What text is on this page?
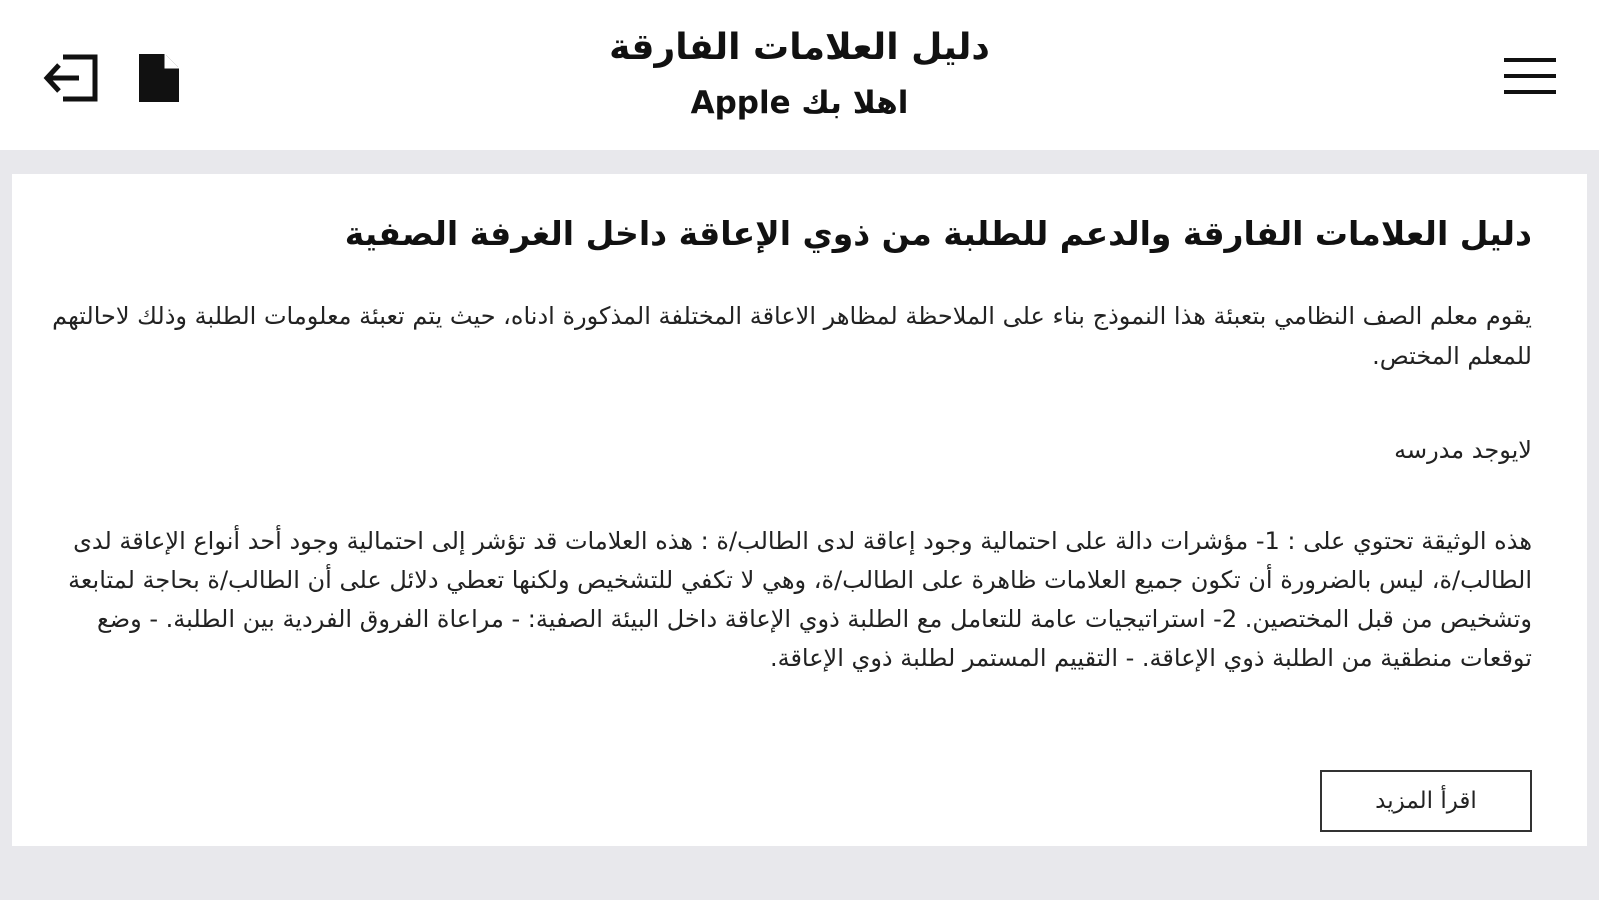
دليل العلامات الفارقة
اهلا بك Apple
دليل العلامات الفارقة والدعم للطلبة من ذوي الإعاقة داخل الغرفة الصفية
يقوم معلم الصف النظامي بتعبئة هذا النموذج بناء على الملاحظة لمظاهر الاعاقة المختلفة المذكورة ادناه، حيث يتم تعبئة معلومات الطلبة وذلك لاحالتهم للمعلم المختص.
لايوجد مدرسه
هذه الوثيقة تحتوي على : 1- مؤشرات دالة على احتمالية وجود إعاقة لدى الطالب/ة : هذه العلامات قد تؤشر إلى احتمالية وجود أحد أنواع الإعاقة لدى الطالب/ة، ليس بالضرورة أن تكون جميع العلامات ظاهرة على الطالب/ة، وهي لا تكفي للتشخيص ولكنها تعطي دلائل على أن الطالب/ة بحاجة لمتابعة وتشخيص من قبل المختصين. 2- استراتيجيات عامة للتعامل مع الطلبة ذوي الإعاقة داخل البيئة الصفية: - مراعاة الفروق الفردية بين الطلبة. - وضع توقعات منطقية من الطلبة ذوي الإعاقة. - التقييم المستمر لطلبة ذوي الإعاقة.
اقرأ المزيد
